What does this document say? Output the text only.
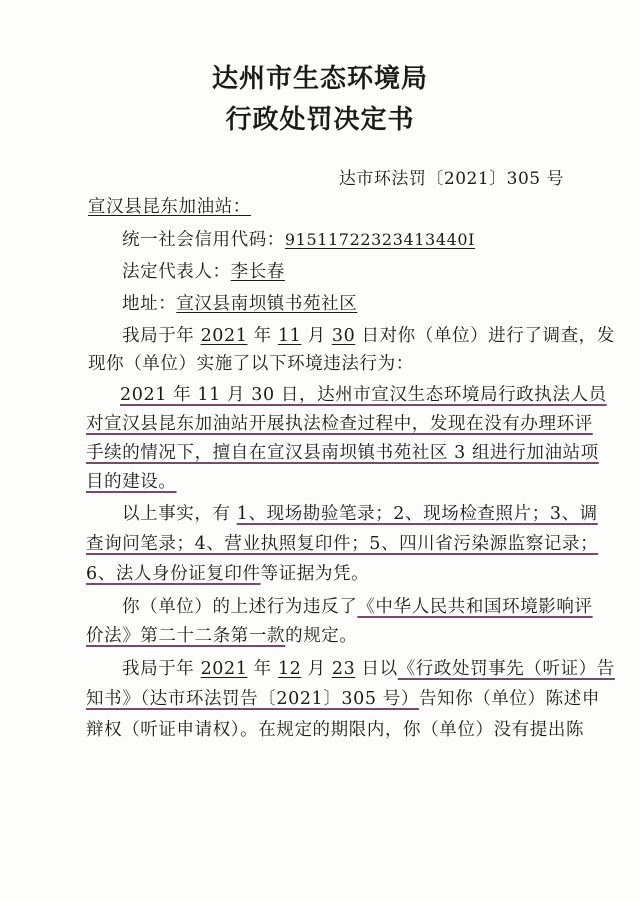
达州市生态环境局
行政处罚决定书
达市环法罚〔2021〕305 号
宣汉县昆东加油站：
统一社会信用代码：91511722323413440I
法定代表人：李长春
地址：宣汉县南坝镇书苑社区
我局于年 2021 年 11 月 30 日对你（单位）进行了调查，发
现你（单位）实施了以下环境违法行为：
2021 年 11 月 30 日，达州市宣汉生态环境局行政执法人员
对宣汉县昆东加油站开展执法检查过程中，发现在没有办理环评
手续的情况下，擅自在宣汉县南坝镇书苑社区 3 组进行加油站项
目的建设。
以上事实，有 1、现场勘验笔录；2、现场检查照片；3、调
查询问笔录；4、营业执照复印件；5、四川省污染源监察记录；
6、法人身份证复印件等证据为凭。
你（单位）的上述行为违反了《中华人民共和国环境影响评
价法》第二十二条第一款的规定。
我局于年 2021 年 12 月 23 日以《行政处罚事先（听证）告
知书》（达市环法罚告〔2021〕305 号）告知你（单位）陈述申
辩权（听证申请权）。在规定的期限内，你（单位）没有提出陈
